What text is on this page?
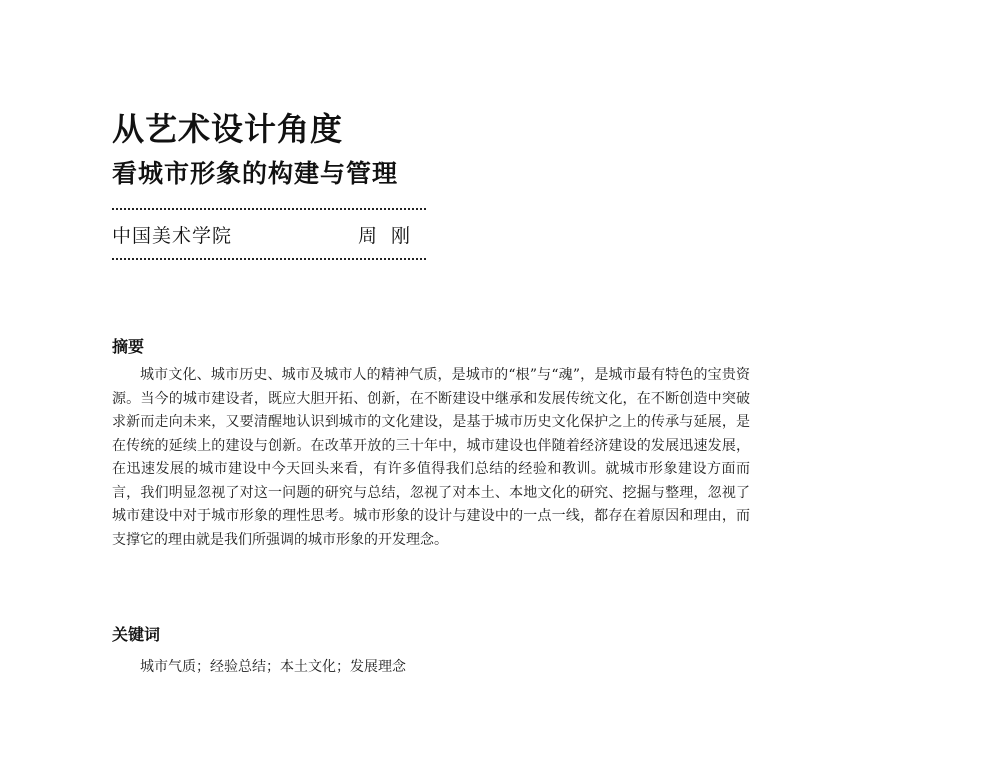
从艺术设计角度
看城市形象的构建与管理
中国美术学院	周刚
摘要

城市文化、城市历史、城市及城市人的精神气质，是城市的“根”与“魂”，是城市最有特色的宝贵资源。当今的城市建设者，既应大胆开拓、创新，在不断建设中继承和发展传统文化，在不断创造中突破求新而走向未来，又要清醒地认识到城市的文化建设，是基于城市历史文化保护之上的传承与延展，是在传统的延续上的建设与创新。在改革开放的三十年中，城市建设也伴随着经济建设的发展迅速发展，在迅速发展的城市建设中今天回头来看，有许多值得我们总结的经验和教训。就城市形象建设方面而言，我们明显忽视了对这一问题的研究与总结，忽视了对本土、本地文化的研究、挖掘与整理，忽视了城市建设中对于城市形象的理性思考。城市形象的设计与建设中的一点一线，都存在着原因和理由，而支撑它的理由就是我们所强调的城市形象的开发理念。

关键词

城市气质；经验总结；本土文化；发展理念
